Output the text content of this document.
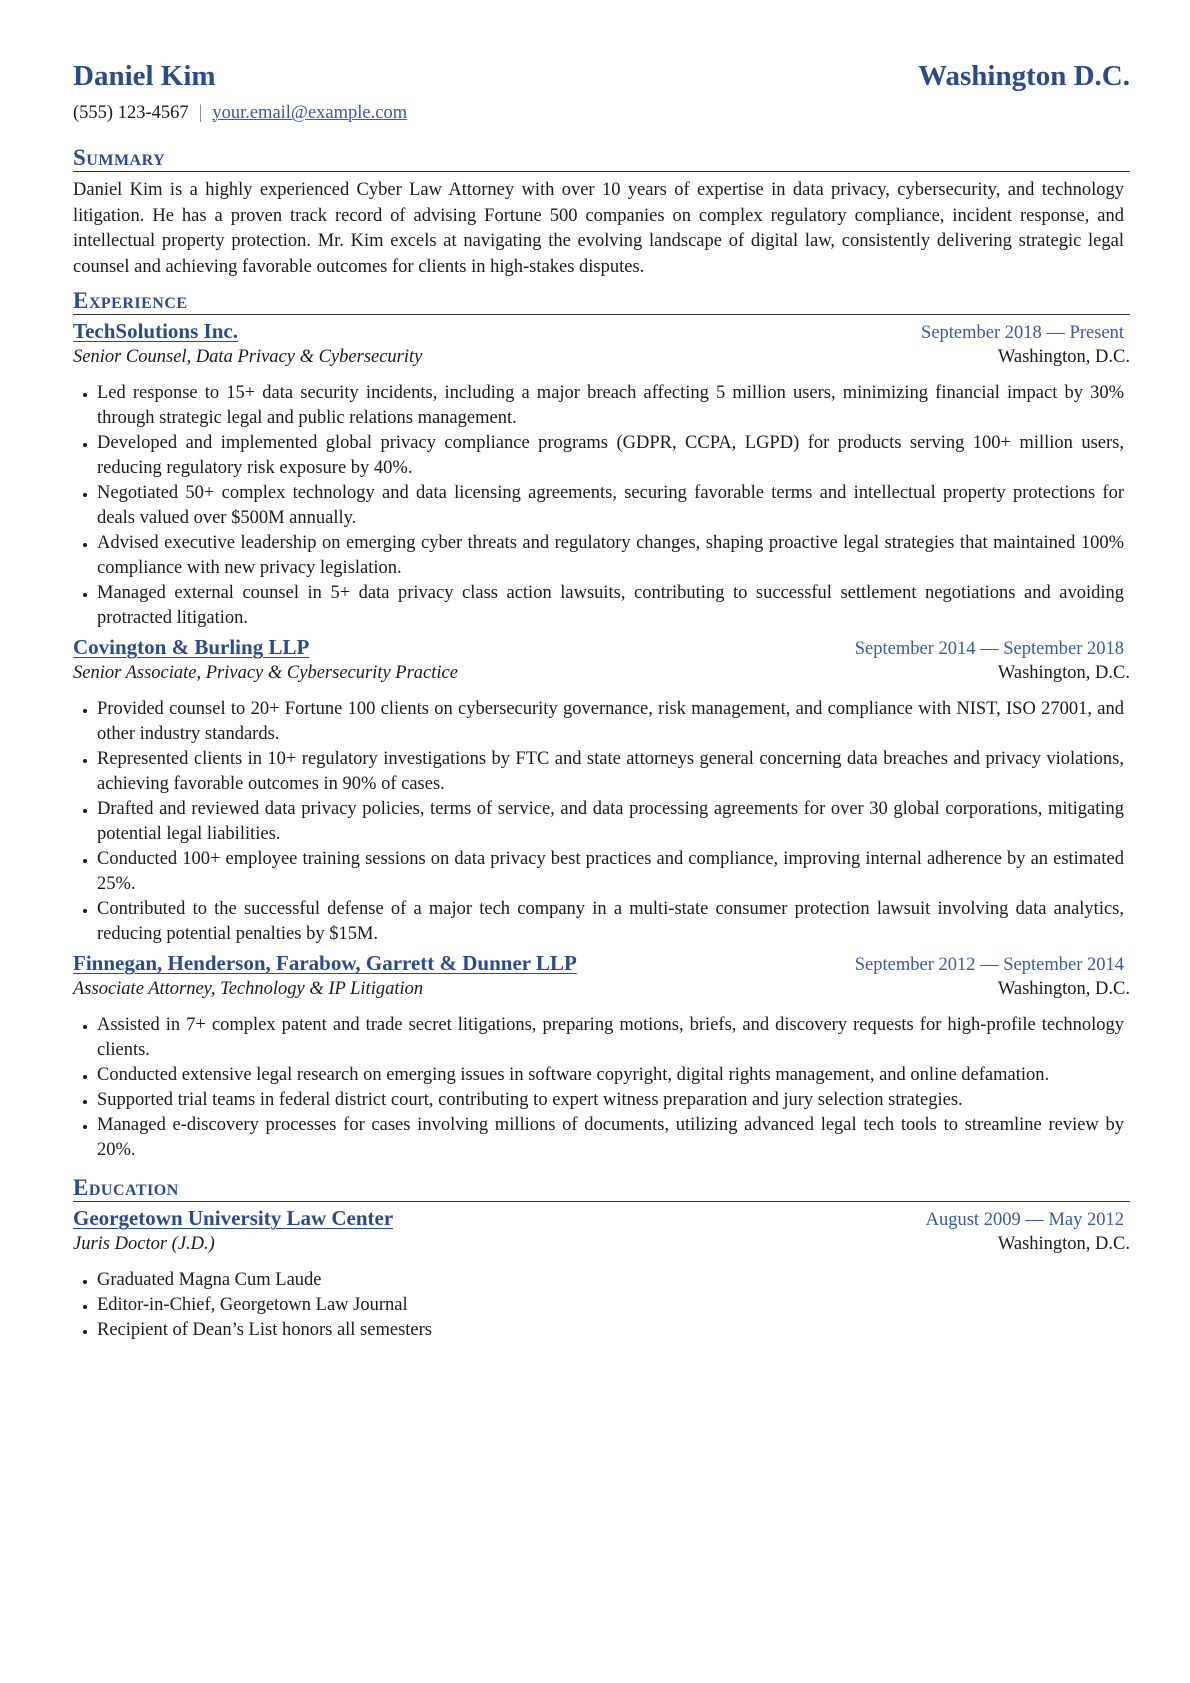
Daniel Kim	Washington D.C.
(555) 123-4567 | your.email@example.com
Summary
Daniel Kim is a highly experienced Cyber Law Attorney with over 10 years of expertise in data privacy, cybersecurity, and technology litigation. He has a proven track record of advising Fortune 500 companies on complex regulatory compliance, incident response, and intellectual property protection. Mr. Kim excels at navigating the evolving landscape of digital law, consistently delivering strategic legal counsel and achieving favorable outcomes for clients in high-stakes disputes.
Experience
TechSolutions Inc.	September 2018 — Present
Senior Counsel, Data Privacy & Cybersecurity	Washington, D.C.
• Led response to 15+ data security incidents, including a major breach affecting 5 million users, minimizing financial impact by 30% through strategic legal and public relations management.
• Developed and implemented global privacy compliance programs (GDPR, CCPA, LGPD) for products serving 100+ million users, reducing regulatory risk exposure by 40%.
• Negotiated 50+ complex technology and data licensing agreements, securing favorable terms and intellectual property protections for deals valued over $500M annually.
• Advised executive leadership on emerging cyber threats and regulatory changes, shaping proactive legal strategies that maintained 100% compliance with new privacy legislation.
• Managed external counsel in 5+ data privacy class action lawsuits, contributing to successful settlement negotiations and avoiding protracted litigation.
Covington & Burling LLP	September 2014 — September 2018
Senior Associate, Privacy & Cybersecurity Practice	Washington, D.C.
• Provided counsel to 20+ Fortune 100 clients on cybersecurity governance, risk management, and compliance with NIST, ISO 27001, and other industry standards.
• Represented clients in 10+ regulatory investigations by FTC and state attorneys general concerning data breaches and privacy violations, achieving favorable outcomes in 90% of cases.
• Drafted and reviewed data privacy policies, terms of service, and data processing agreements for over 30 global corporations, mitigating potential legal liabilities.
• Conducted 100+ employee training sessions on data privacy best practices and compliance, improving internal adherence by an estimated 25%.
• Contributed to the successful defense of a major tech company in a multi-state consumer protection lawsuit involving data analytics, reducing potential penalties by $15M.
Finnegan, Henderson, Farabow, Garrett & Dunner LLP	September 2012 — September 2014
Associate Attorney, Technology & IP Litigation	Washington, D.C.
• Assisted in 7+ complex patent and trade secret litigations, preparing motions, briefs, and discovery requests for high-profile technology clients.
• Conducted extensive legal research on emerging issues in software copyright, digital rights management, and online defamation.
• Supported trial teams in federal district court, contributing to expert witness preparation and jury selection strategies.
• Managed e-discovery processes for cases involving millions of documents, utilizing advanced legal tech tools to streamline review by 20%.
Education
Georgetown University Law Center	August 2009 — May 2012
Juris Doctor (J.D.)	Washington, D.C.
• Graduated Magna Cum Laude
• Editor-in-Chief, Georgetown Law Journal
• Recipient of Dean’s List honors all semesters
